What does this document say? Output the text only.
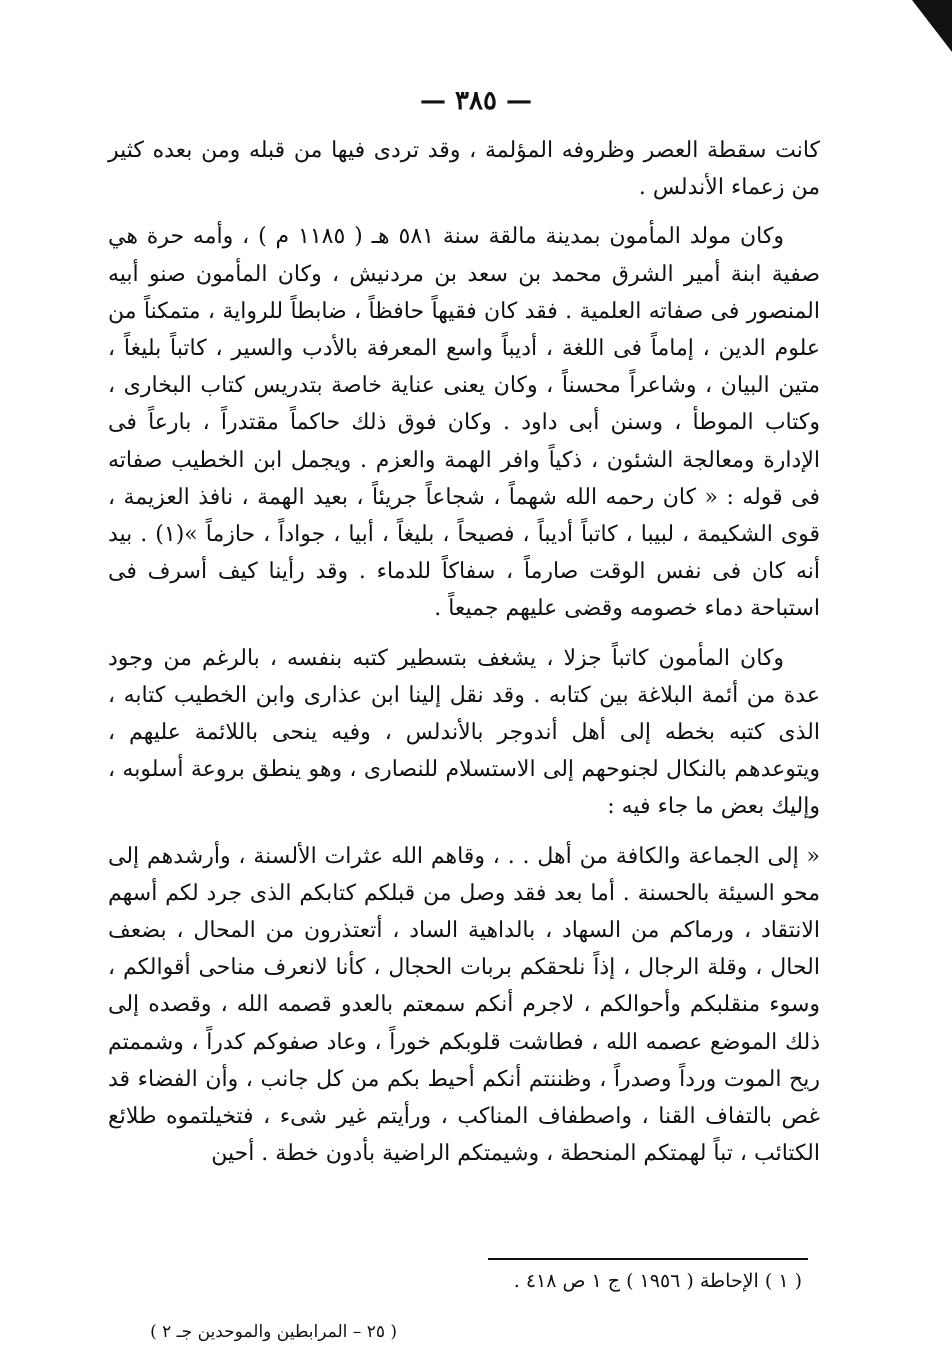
— ٣٨٥ —

كانت سقطة العصر وظروفه المؤلمة ، وقد تردى فيها من قبله ومن بعده كثير من زعماء الأندلس .

وكان مولد المأمون بمدينة مالقة سنة ٥٨١ هـ ( ١١٨٥ م ) ، وأمه حرة هي صفية ابنة أمير الشرق محمد بن سعد بن مردنيش ، وكان المأمون صنو أبيه المنصور فى صفاته العلمية . فقد كان فقيهاً حافظاً ، ضابطاً للرواية ، متمكناً من علوم الدين ، إماماً فى اللغة ، أديباً واسع المعرفة بالأدب والسير ، كاتباً بليغاً ، متين البيان ، وشاعراً محسناً ، وكان يعنى عناية خاصة بتدريس كتاب البخارى ، وكتاب الموطأ ، وسنن أبى داود . وكان فوق ذلك حاكماً مقتدراً ، بارعاً فى الإدارة ومعالجة الشئون ، ذكياً وافر الهمة والعزم . ويجمل ابن الخطيب صفاته فى قوله : « كان رحمه الله شهماً ، شجاعاً جريئاً ، بعيد الهمة ، نافذ العزيمة ، قوى الشكيمة ، لبيبا ، كاتباً أديباً ، فصيحاً ، بليغاً ، أبيا ، جواداً ، حازماً »(١) . بيد أنه كان فى نفس الوقت صارماً ، سفاكاً للدماء . وقد رأينا كيف أسرف فى استباحة دماء خصومه وقضى عليهم جميعاً .

وكان المأمون كاتباً جزلا ، يشغف بتسطير كتبه بنفسه ، بالرغم من وجود عدة من أئمة البلاغة بين كتابه . وقد نقل إلينا ابن عذارى وابن الخطيب كتابه ، الذى كتبه بخطه إلى أهل أندوجر بالأندلس ، وفيه ينحى باللائمة عليهم ، ويتوعدهم بالنكال لجنوحهم إلى الاستسلام للنصارى ، وهو ينطق بروعة أسلوبه ، وإليك بعض ما جاء فيه :

« إلى الجماعة والكافة من أهل . . ، وقاهم الله عثرات الألسنة ، وأرشدهم إلى محو السيئة بالحسنة . أما بعد فقد وصل من قبلكم كتابكم الذى جرد لكم أسهم الانتقاد ، ورماكم من السهاد ، بالداهية الساد ، أتعتذرون من المحال ، بضعف الحال ، وقلة الرجال ، إذاً نلحقكم بربات الحجال ، كأنا لانعرف مناحى أقوالكم ، وسوء منقلبكم وأحوالكم ، لاجرم أنكم سمعتم بالعدو قصمه الله ، وقصده إلى ذلك الموضع عصمه الله ، فطاشت قلوبكم خوراً ، وعاد صفوكم كدراً ، وشممتم ريح الموت ورداً وصدراً ، وظننتم أنكم أحيط بكم من كل جانب ، وأن الفضاء قد غص بالتفاف القنا ، واصطفاف المناكب ، ورأيتم غير شىء ، فتخيلتموه طلائع الكتائب ، تباً لهمتكم المنحطة ، وشيمتكم الراضية بأدون خطة . أحين

( ١ ) الإحاطة ( ١٩٥٦ ) ج ١ ص ٤١٨ .
( ٢٥ – المرابطين والموحدين جـ ٢ )
